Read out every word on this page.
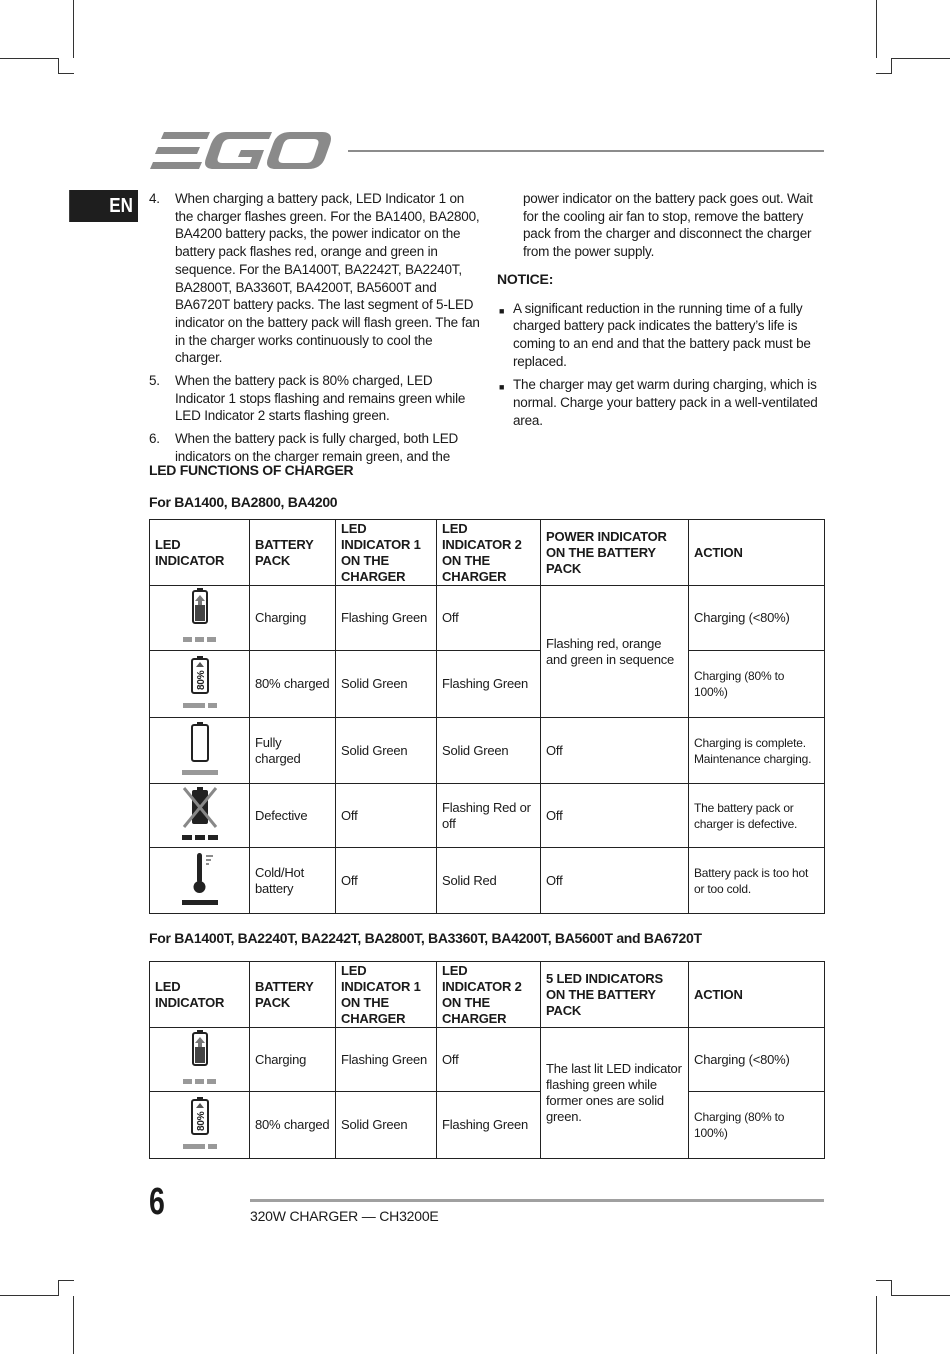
EN	4.	When charging a battery pack, LED Indicator 1 on the charger flashes green. For the BA1400, BA2800, BA4200 battery packs, the power indicator on the battery pack flashes red, orange and green in sequence. For the BA1400T, BA2242T, BA2240T, BA2800T, BA3360T, BA4200T, BA5600T and BA6720T battery packs. The last segment of 5-LED indicator on the battery pack will flash green. The fan in the charger works continuously to cool the charger.
5.	When the battery pack is 80% charged, LED Indicator 1 stops flashing and remains green while LED Indicator 2 starts flashing green.
6.	When the battery pack is fully charged, both LED indicators on the charger remain green, and the
power indicator on the battery pack goes out. Wait for the cooling air fan to stop, remove the battery pack from the charger and disconnect the charger from the power supply.
NOTICE:
■ A significant reduction in the running time of a fully charged battery pack indicates the battery’s life is coming to an end and that the battery pack must be replaced.
■ The charger may get warm during charging, which is normal. Charge your battery pack in a well-ventilated area.
LED FUNCTIONS OF CHARGER
For BA1400, BA2800, BA4200
LED INDICATOR	BATTERY PACK	LED INDICATOR 1 ON THE CHARGER	LED INDICATOR 2 ON THE CHARGER	POWER INDICATOR ON THE BATTERY PACK	ACTION
	Charging	Flashing Green	Off	Flashing red, orange and green in sequence	Charging (<80%)

80%	80% charged	Solid Green	Flashing Green		Charging (80% to 100%)
	Fully charged	Solid Green	Solid Green	Off	Charging is complete. Maintenance charging.
	Defective	Off	Flashing Red or off	Off	The battery pack or charger is defective.
	Cold/Hot battery	Off	Solid Red	Off	Battery pack is too hot or too cold.
For BA1400T, BA2240T, BA2242T, BA2800T, BA3360T, BA4200T, BA5600T and BA6720T
LED INDICATOR	BATTERY PACK	LED INDICATOR 1 ON THE CHARGER	LED INDICATOR 2 ON THE CHARGER	5 LED INDICATORS ON THE BATTERY PACK	ACTION
	Charging	Flashing Green	Off	The last lit LED indicator flashing green while former ones are solid green.	Charging (<80%)

80%	80% charged	Solid Green	Flashing Green		Charging (80% to 100%)
6	320W CHARGER — CH3200E
